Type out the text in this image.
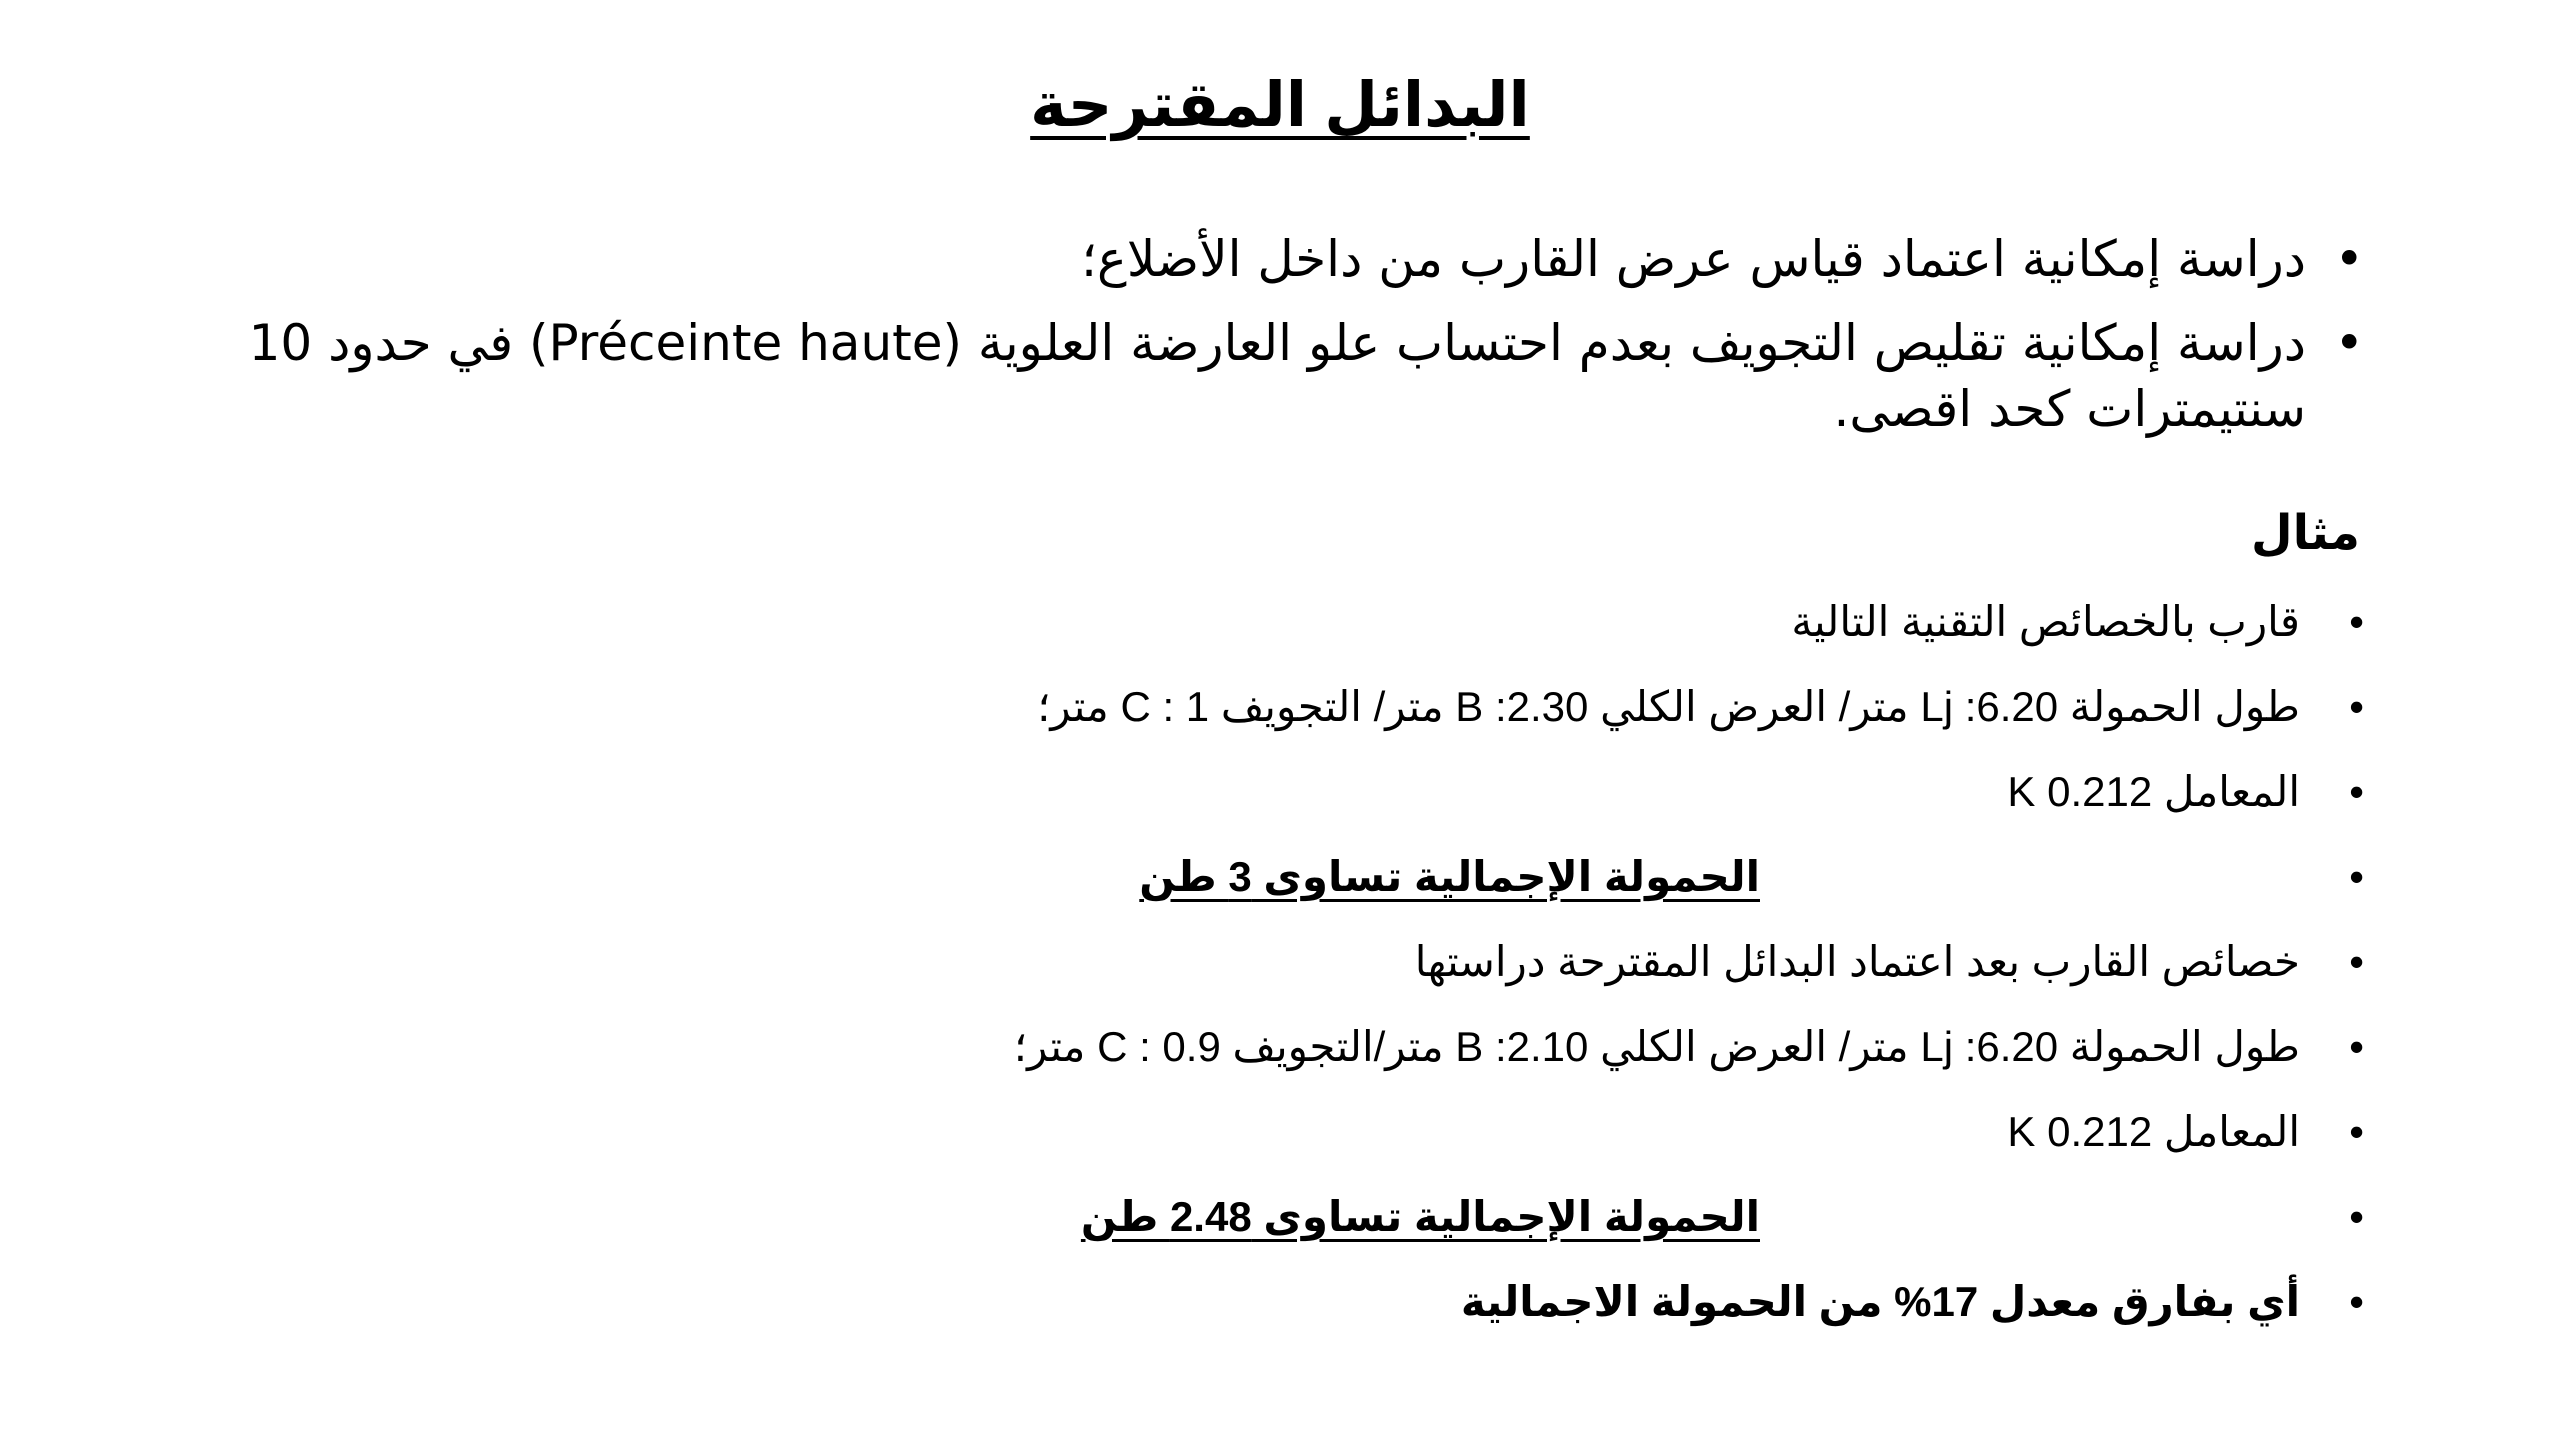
البدائل المقترحة
•
دراسة إمكانية اعتماد قياس عرض القارب من داخل الأضلاع؛
•
دراسة إمكانية تقليص التجويف بعدم احتساب علو العارضة العلوية (Préceinte haute) في حدود 10 سنتيمترات كحد اقصى.
مثال
•
قارب بالخصائص التقنية التالية
•
طول الحمولة Lj :6.20 متر/ العرض الكلي B :2.30 متر/ التجويف C : 1 متر؛
•
المعامل K 0.212
•
الحمولة الإجمالية تساوى 3 طن
•
خصائص القارب بعد اعتماد البدائل المقترحة دراستها
•
طول الحمولة Lj :6.20 متر/ العرض الكلي B :2.10 متر/التجويف C : 0.9 متر؛
•
المعامل K 0.212
•
الحمولة الإجمالية تساوى 2.48 طن
•
أي بفارق معدل 17% من الحمولة الاجمالية
